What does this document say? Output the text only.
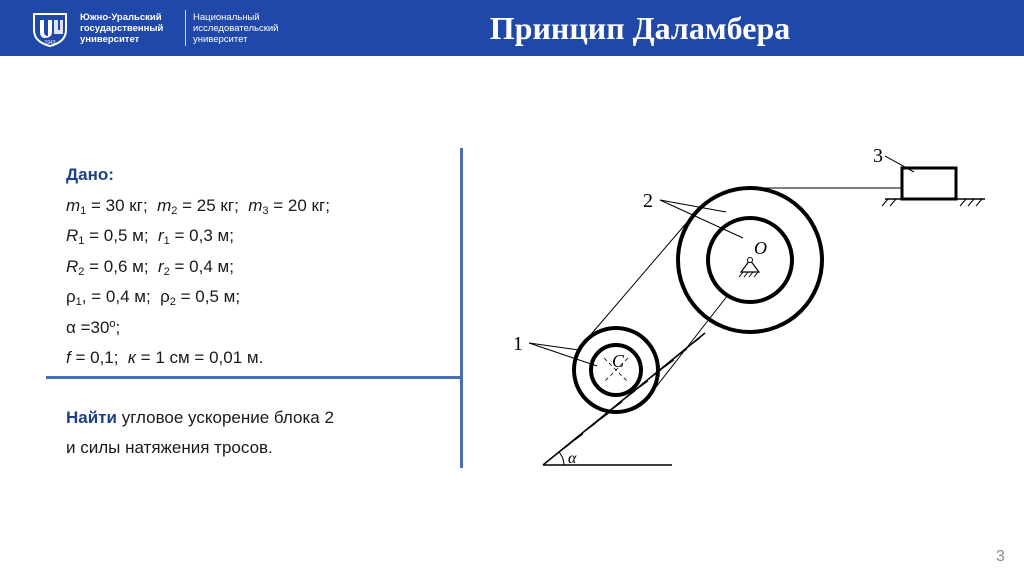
1943
Южно-Уральский
государственный
университет
Национальный
исследовательский
университет	Принцип Даламбера
Дано:
$m_1 = 30$ кг;  $m_2 = 25$ кг;  $m_3 = 20$ кг;
$R_1 = 0,5$ м;  $r_1 = 0,3$ м;
$R_2 = 0,6$ м;  $r_2 = 0,4$ м;
$\rho_1$, = 0,4 м;  $\rho_2 = 0,5$ м;
$\alpha =30^o$;
f = 0,1;  к = 1 см = 0,01 м.
Найти угловое ускорение блока 2
и силы натяжения тросов.
α
C
O
3
2
1
3
